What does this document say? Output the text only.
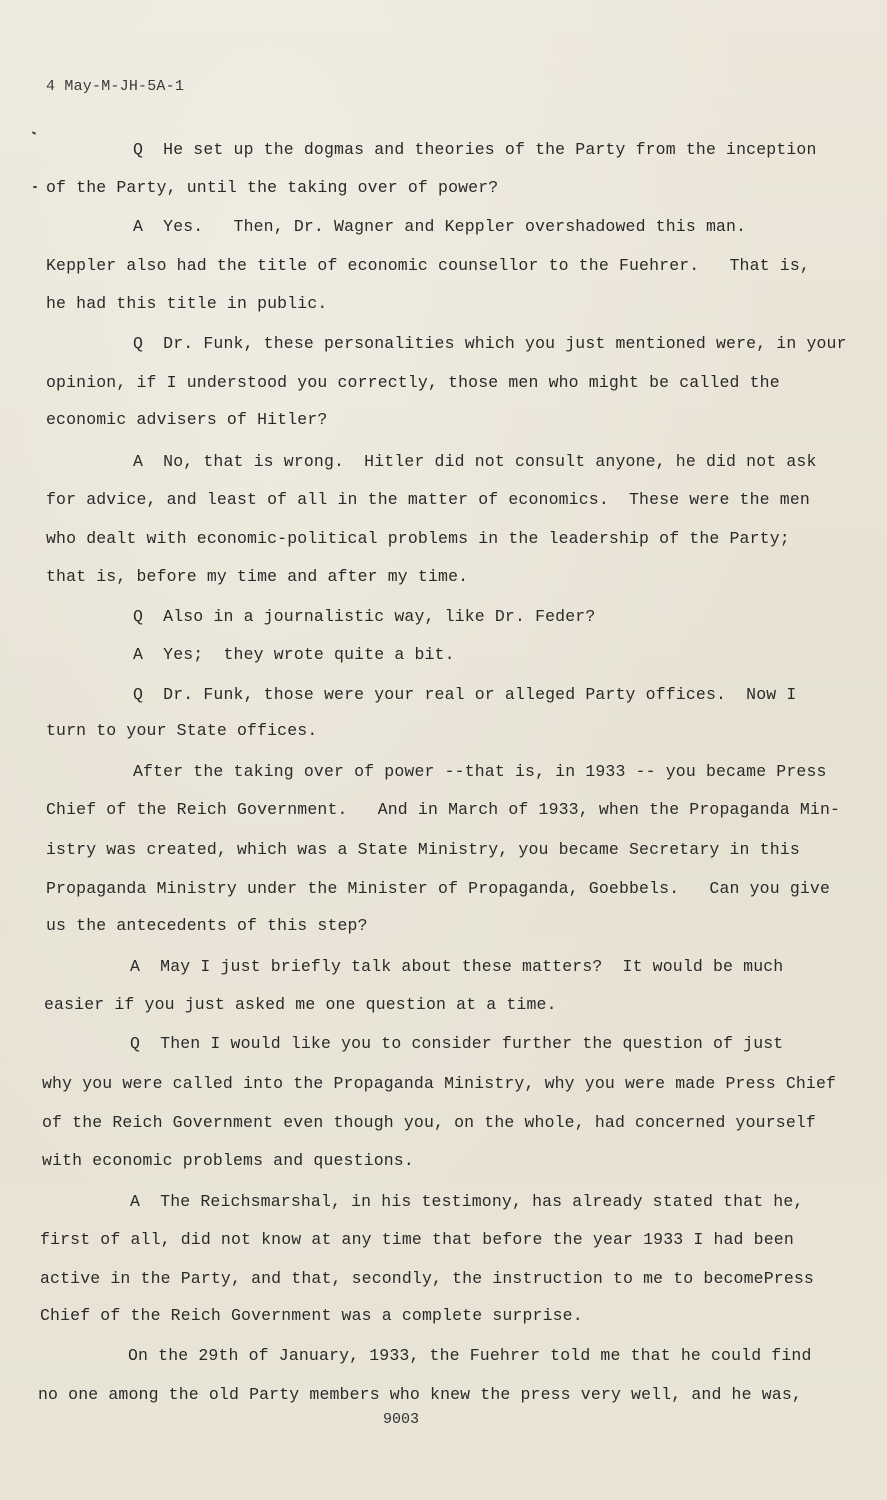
4 May-M-JH-5A-1
Q  He set up the dogmas and theories of the Party from the inception
of the Party, until the taking over of power?
A  Yes.   Then, Dr. Wagner and Keppler overshadowed this man.
Keppler also had the title of economic counsellor to the Fuehrer.   That is,
he had this title in public.
Q  Dr. Funk, these personalities which you just mentioned were, in your
opinion, if I understood you correctly, those men who might be called the
economic advisers of Hitler?
A  No, that is wrong.  Hitler did not consult anyone, he did not ask
for advice, and least of all in the matter of economics.  These were the men
who dealt with economic-political problems in the leadership of the Party;
that is, before my time and after my time.
Q  Also in a journalistic way, like Dr. Feder?
A  Yes;  they wrote quite a bit.
Q  Dr. Funk, those were your real or alleged Party offices.  Now I
turn to your State offices.
After the taking over of power --that is, in 1933 -- you became Press
Chief of the Reich Government.   And in March of 1933, when the Propaganda Min-
istry was created, which was a State Ministry, you became Secretary in this
Propaganda Ministry under the Minister of Propaganda, Goebbels.   Can you give
us the antecedents of this step?
A  May I just briefly talk about these matters?  It would be much
easier if you just asked me one question at a time.
Q  Then I would like you to consider further the question of just
why you were called into the Propaganda Ministry, why you were made Press Chief
of the Reich Government even though you, on the whole, had concerned yourself
with economic problems and questions.
A  The Reichsmarshal, in his testimony, has already stated that he,
first of all, did not know at any time that before the year 1933 I had been
active in the Party, and that, secondly, the instruction to me to becomePress
Chief of the Reich Government was a complete surprise.
On the 29th of January, 1933, the Fuehrer told me that he could find
no one among the old Party members who knew the press very well, and he was,
9003
